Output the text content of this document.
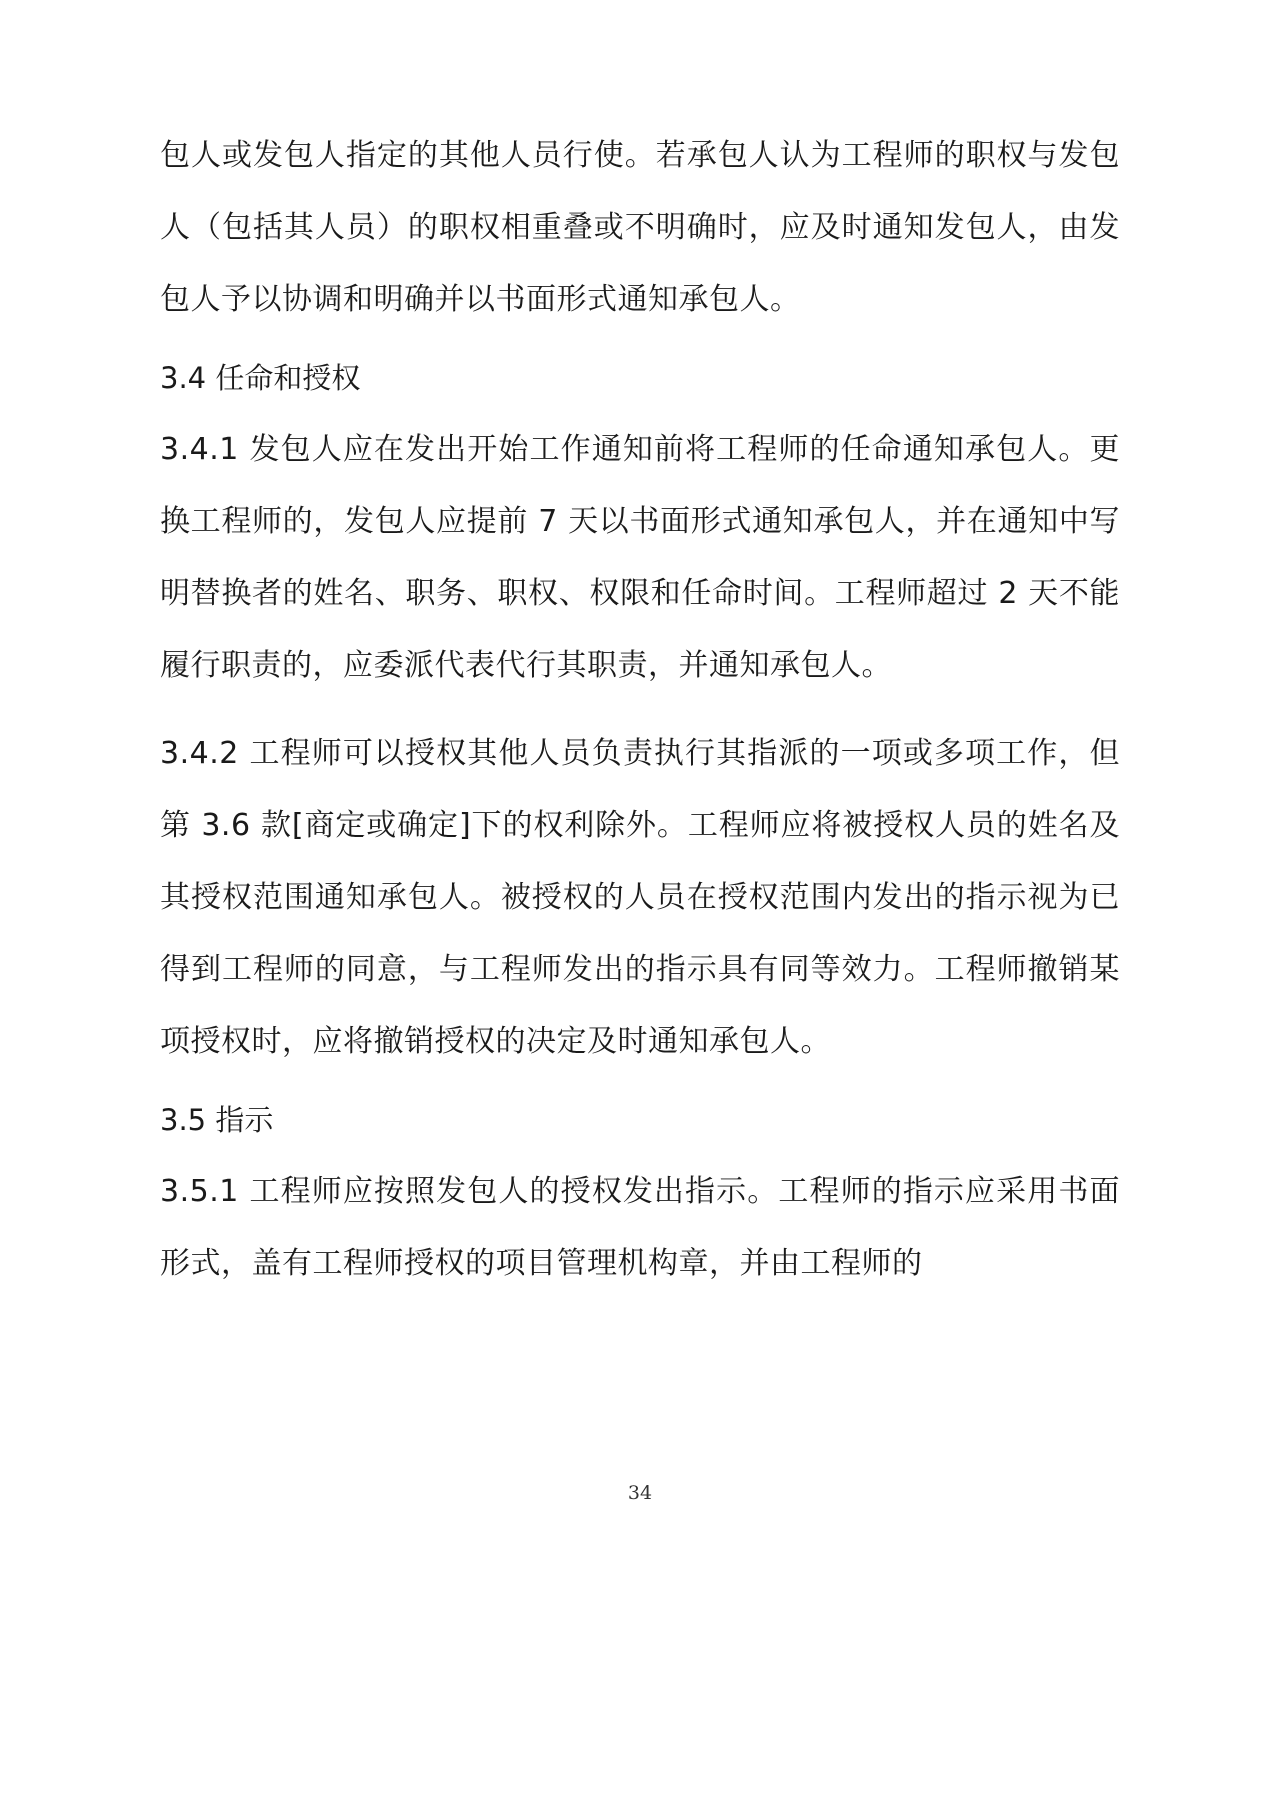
包人或发包人指定的其他人员行使。若承包人认为工程师的职权与发包人（包括其人员）的职权相重叠或不明确时，应及时通知发包人，由发包人予以协调和明确并以书面形式通知承包人。

3.4 任命和授权

3.4.1 发包人应在发出开始工作通知前将工程师的任命通知承包人。更换工程师的，发包人应提前 7 天以书面形式通知承包人，并在通知中写明替换者的姓名、职务、职权、权限和任命时间。工程师超过 2 天不能履行职责的，应委派代表代行其职责，并通知承包人。

3.4.2 工程师可以授权其他人员负责执行其指派的一项或多项工作，但第 3.6 款[商定或确定]下的权利除外。工程师应将被授权人员的姓名及其授权范围通知承包人。被授权的人员在授权范围内发出的指示视为已得到工程师的同意，与工程师发出的指示具有同等效力。工程师撤销某项授权时，应将撤销授权的决定及时通知承包人。

3.5 指示

3.5.1 工程师应按照发包人的授权发出指示。工程师的指示应采用书面形式，盖有工程师授权的项目管理机构章，并由工程师的

34
